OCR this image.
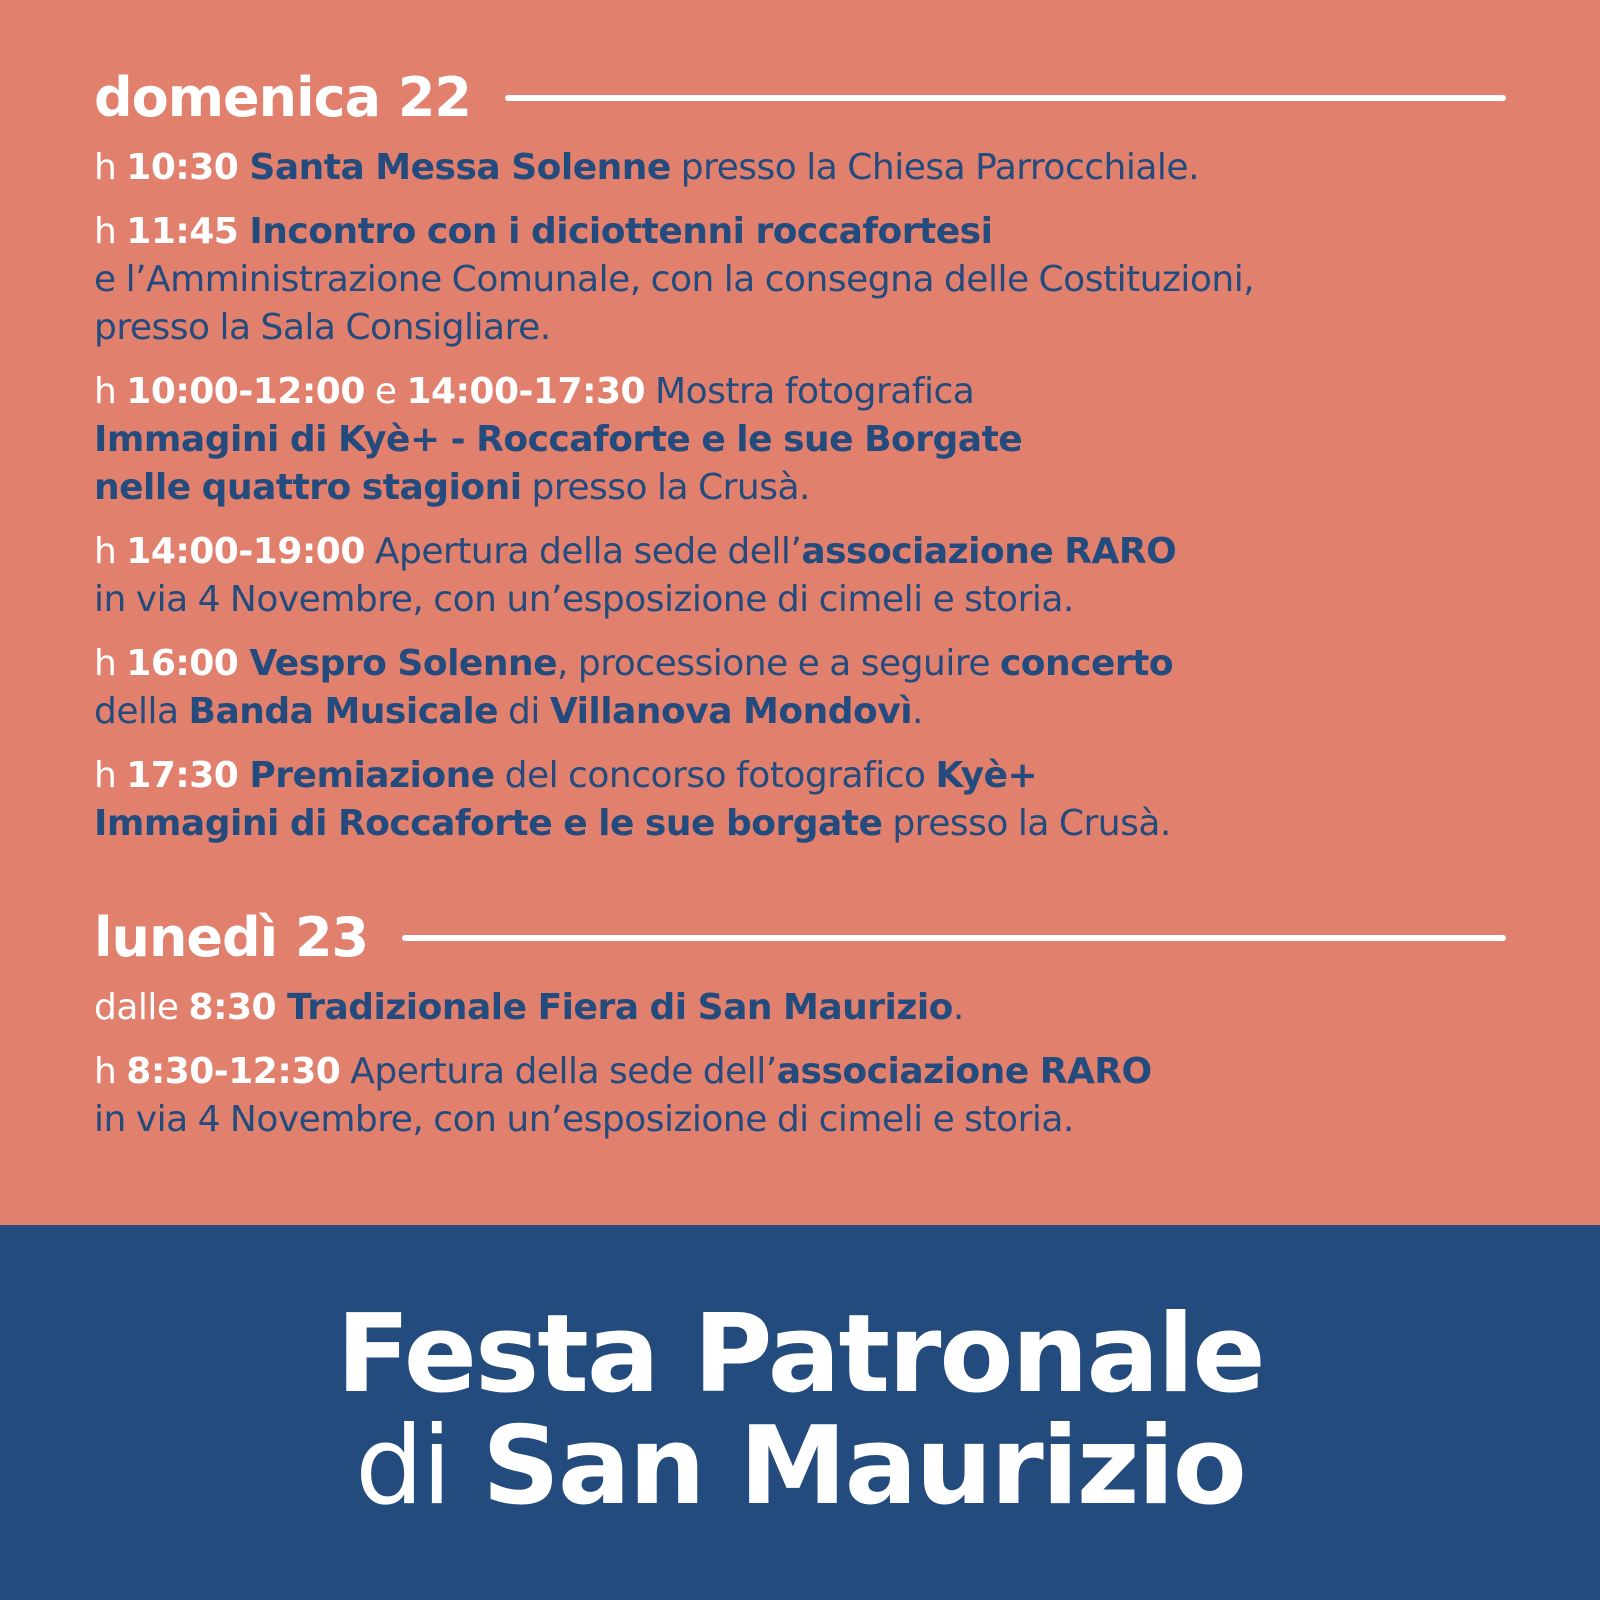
domenica 22
h 10:30 Santa Messa Solenne presso la Chiesa Parrocchiale.
h 11:45 Incontro con i diciottenni roccafortesi
e l’Amministrazione Comunale, con la consegna delle Costituzioni,
presso la Sala Consigliare.
h 10:00-12:00 e 14:00-17:30 Mostra fotografica
Immagini di Kyè+ - Roccaforte e le sue Borgate
nelle quattro stagioni presso la Crusà.
h 14:00-19:00 Apertura della sede dell’associazione RARO
in via 4 Novembre, con un’esposizione di cimeli e storia.
h 16:00 Vespro Solenne, processione e a seguire concerto
della Banda Musicale di Villanova Mondovì.
h 17:30 Premiazione del concorso fotografico Kyè+
Immagini di Roccaforte e le sue borgate presso la Crusà.
lunedì 23
dalle 8:30 Tradizionale Fiera di San Maurizio.
h 8:30-12:30 Apertura della sede dell’associazione RARO
in via 4 Novembre, con un’esposizione di cimeli e storia.
Festa Patronale
di San Maurizio
